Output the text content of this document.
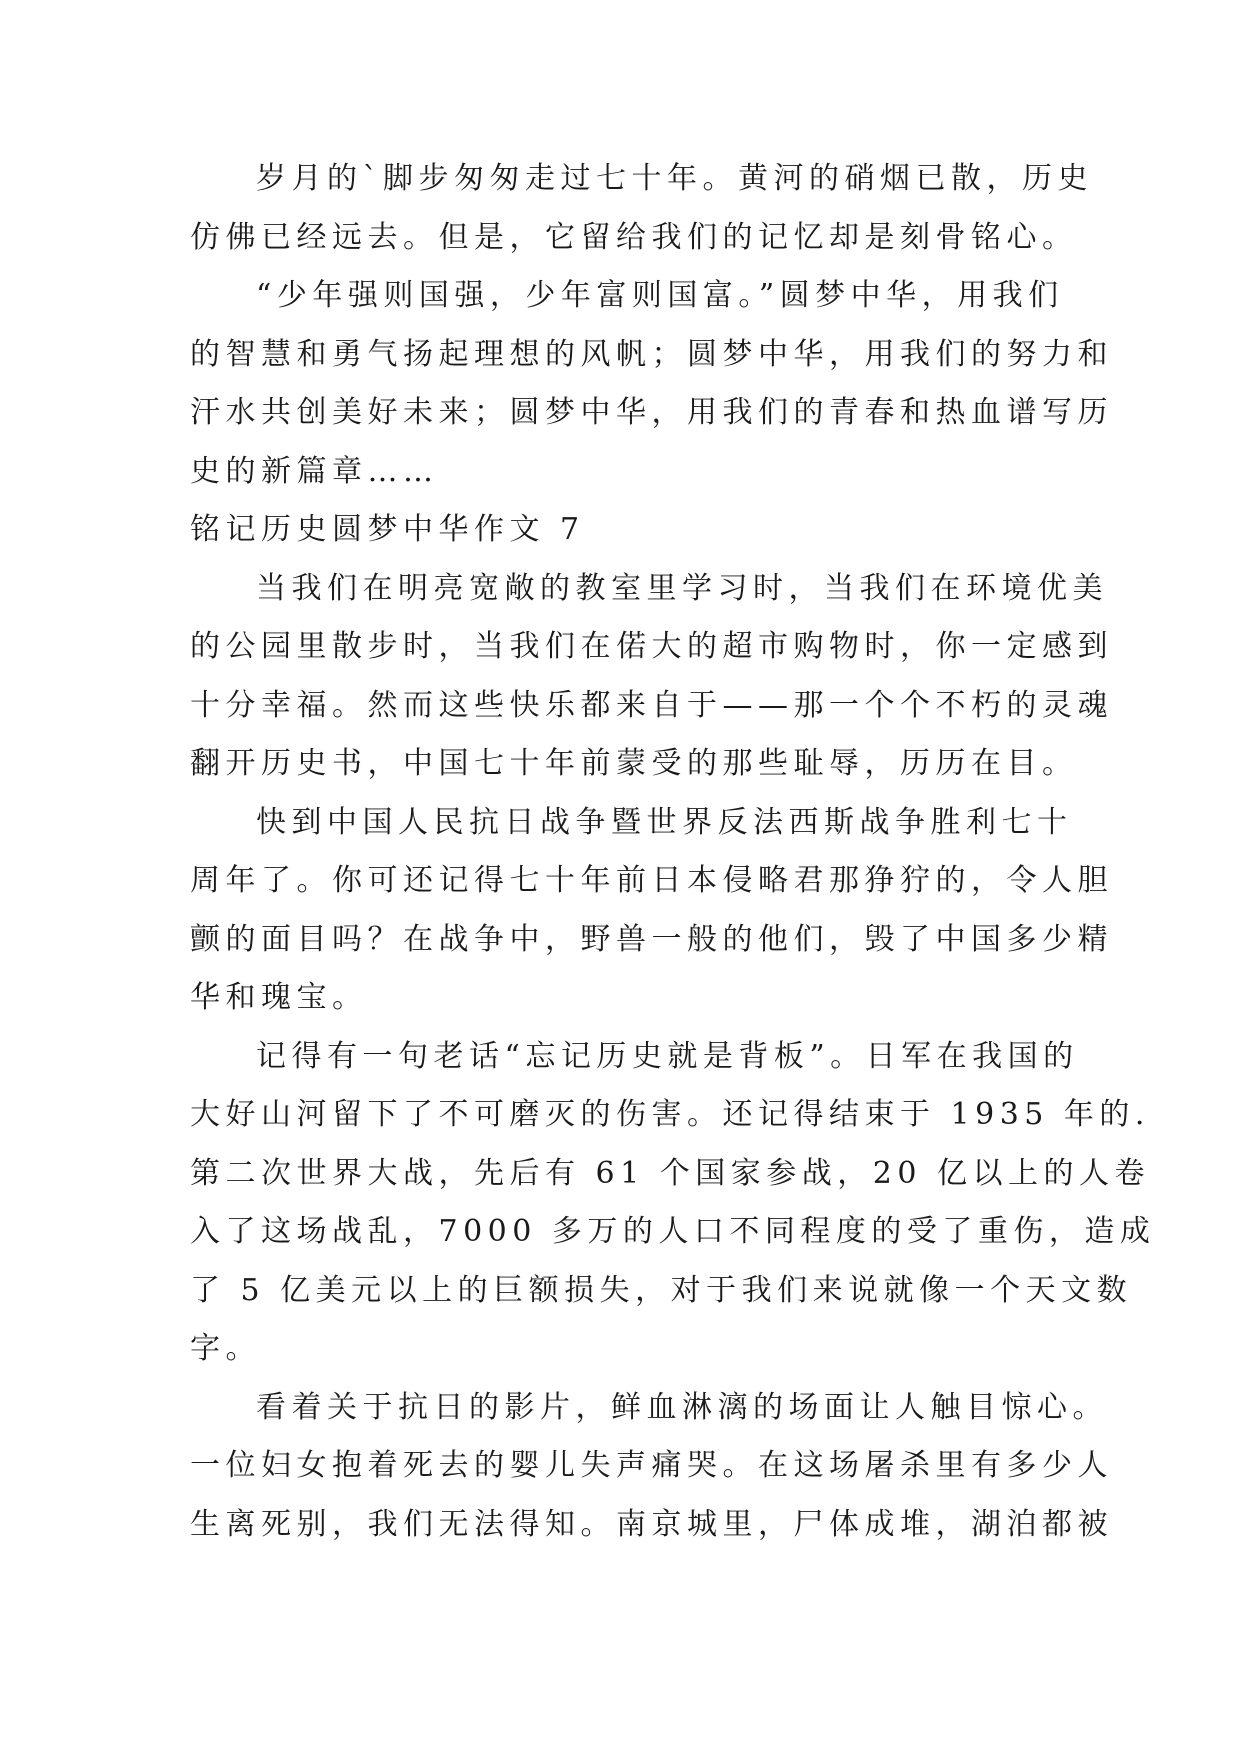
岁月的`脚步匆匆走过七十年。黄河的硝烟已散，历史
仿佛已经远去。但是，它留给我们的记忆却是刻骨铭心。

“少年强则国强，少年富则国富。”圆梦中华，用我们
的智慧和勇气扬起理想的风帆；圆梦中华，用我们的努力和
汗水共创美好未来；圆梦中华，用我们的青春和热血谱写历
史的新篇章……

铭记历史圆梦中华作文 7

当我们在明亮宽敞的教室里学习时，当我们在环境优美
的公园里散步时，当我们在偌大的超市购物时，你一定感到
十分幸福。然而这些快乐都来自于——那一个个不朽的灵魂
翻开历史书，中国七十年前蒙受的那些耻辱，历历在目。

快到中国人民抗日战争暨世界反法西斯战争胜利七十
周年了。你可还记得七十年前日本侵略君那狰狞的，令人胆
颤的面目吗？在战争中，野兽一般的他们，毁了中国多少精
华和瑰宝。

记得有一句老话“忘记历史就是背板”。日军在我国的
大好山河留下了不可磨灭的伤害。还记得结束于 1935 年的.
第二次世界大战，先后有 61 个国家参战，20 亿以上的人卷
入了这场战乱，7000 多万的人口不同程度的受了重伤，造成
了 5 亿美元以上的巨额损失，对于我们来说就像一个天文数
字。

看着关于抗日的影片，鲜血淋漓的场面让人触目惊心。
一位妇女抱着死去的婴儿失声痛哭。在这场屠杀里有多少人
生离死别，我们无法得知。南京城里，尸体成堆，湖泊都被
